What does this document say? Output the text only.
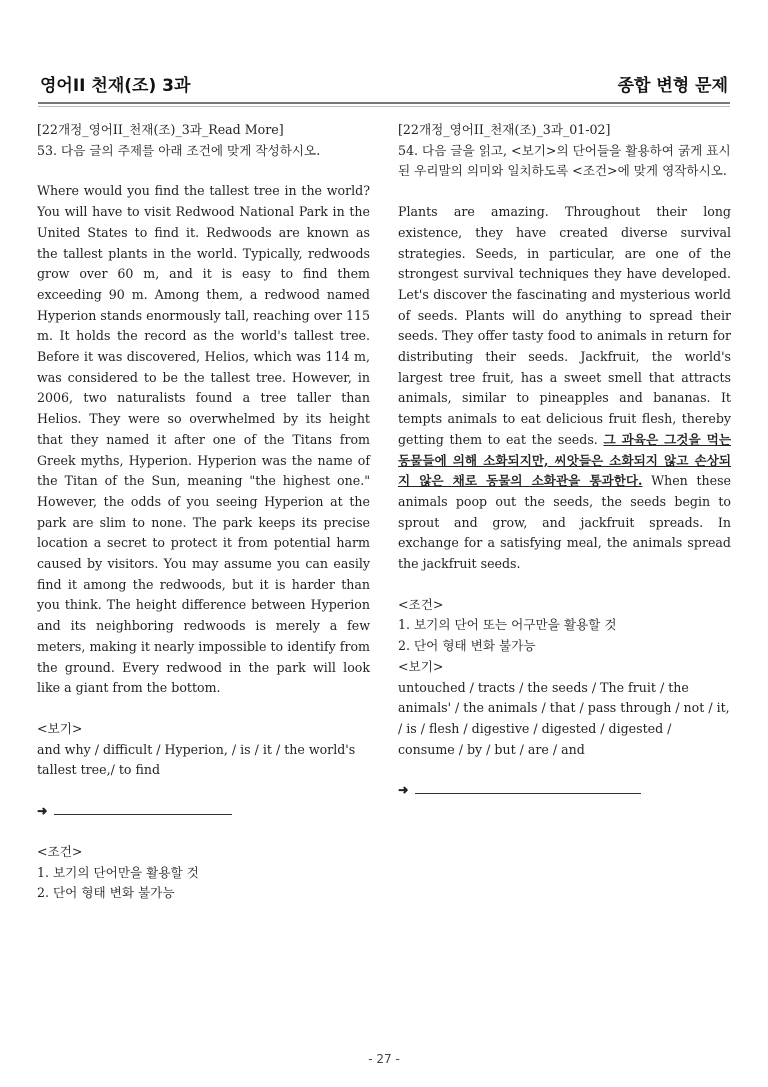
영어II 천재(조) 3과	종합 변형 문제

[22개정_영어II_천재(조)_3과_Read More]

53. 다음 글의 주제를 아래 조건에 맞게 작성하시오.

Where would you find the tallest tree in the world? You will have to visit Redwood National Park in the United States to find it. Redwoods are known as the tallest plants in the world. Typically, redwoods grow over 60 m, and it is easy to find them exceeding 90 m. Among them, a redwood named Hyperion stands enormously tall, reaching over 115 m. It holds the record as the world's tallest tree. Before it was discovered, Helios, which was 114 m, was considered to be the tallest tree. However, in 2006, two naturalists found a tree taller than Helios. They were so overwhelmed by its height that they named it after one of the Titans from Greek myths, Hyperion. Hyperion was the name of the Titan of the Sun, meaning "the highest one." However, the odds of you seeing Hyperion at the park are slim to none. The park keeps its precise location a secret to protect it from potential harm caused by visitors. You may assume you can easily find it among the redwoods, but it is harder than you think. The height difference between Hyperion and its neighboring redwoods is merely a few meters, making it nearly impossible to identify from the ground. Every redwood in the park will look like a giant from the bottom.

<보기>

and why / difficult / Hyperion, / is / it / the world's tallest tree,/ to find

➜

<조건>

1. 보기의 단어만을 활용할 것

2. 단어 형태 변화 불가능

[22개정_영어II_천재(조)_3과_01-02]

54. 다음 글을 읽고, <보기>의 단어들을 활용하여 굵게 표시된 우리말의 의미와 일치하도록 <조건>에 맞게 영작하시오.

Plants are amazing. Throughout their long existence, they have created diverse survival strategies. Seeds, in particular, are one of the strongest survival techniques they have developed. Let's discover the fascinating and mysterious world of seeds. Plants will do anything to spread their seeds. They offer tasty food to animals in return for distributing their seeds. Jackfruit, the world's largest tree fruit, has a sweet smell that attracts animals, similar to pineapples and bananas. It tempts animals to eat delicious fruit flesh, thereby getting them to eat the seeds. 그 과육은 그것을 먹는 동물들에 의해 소화되지만, 씨앗들은 소화되지 않고 손상되지 않은 채로 동물의 소화관을 통과한다. When these animals poop out the seeds, the seeds begin to sprout and grow, and jackfruit spreads. In exchange for a satisfying meal, the animals spread the jackfruit seeds.

<조건>

1. 보기의 단어 또는 어구만을 활용할 것

2. 단어 형태 변화 불가능

<보기>

untouched / tracts / the seeds / The fruit / the animals' / the animals / that / pass through / not / it, / is / flesh / digestive / digested / digested / consume / by / but / are / and

➜
- 27 -
